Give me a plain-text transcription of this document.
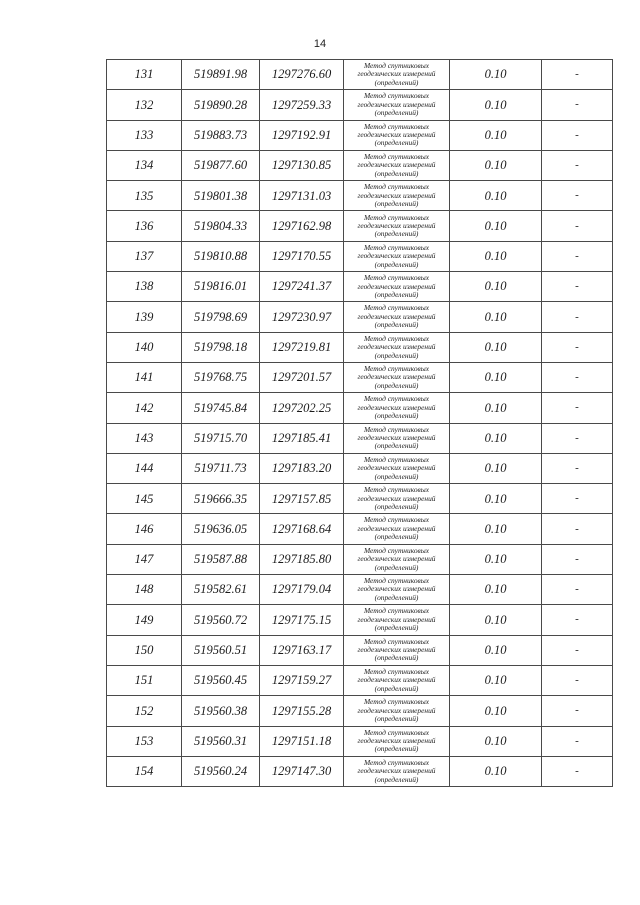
14
131	519891.98	1297276.60	Метод спутниковых
геодезических измерений
(определений)	0.10	-
132	519890.28	1297259.33	Метод спутниковых
геодезических измерений
(определений)	0.10	-
133	519883.73	1297192.91	Метод спутниковых
геодезических измерений
(определений)	0.10	-
134	519877.60	1297130.85	Метод спутниковых
геодезических измерений
(определений)	0.10	-
135	519801.38	1297131.03	Метод спутниковых
геодезических измерений
(определений)	0.10	-
136	519804.33	1297162.98	Метод спутниковых
геодезических измерений
(определений)	0.10	-
137	519810.88	1297170.55	Метод спутниковых
геодезических измерений
(определений)	0.10	-
138	519816.01	1297241.37	Метод спутниковых
геодезических измерений
(определений)	0.10	-
139	519798.69	1297230.97	Метод спутниковых
геодезических измерений
(определений)	0.10	-
140	519798.18	1297219.81	Метод спутниковых
геодезических измерений
(определений)	0.10	-
141	519768.75	1297201.57	Метод спутниковых
геодезических измерений
(определений)	0.10	-
142	519745.84	1297202.25	Метод спутниковых
геодезических измерений
(определений)	0.10	-
143	519715.70	1297185.41	Метод спутниковых
геодезических измерений
(определений)	0.10	-
144	519711.73	1297183.20	Метод спутниковых
геодезических измерений
(определений)	0.10	-
145	519666.35	1297157.85	Метод спутниковых
геодезических измерений
(определений)	0.10	-
146	519636.05	1297168.64	Метод спутниковых
геодезических измерений
(определений)	0.10	-
147	519587.88	1297185.80	Метод спутниковых
геодезических измерений
(определений)	0.10	-
148	519582.61	1297179.04	Метод спутниковых
геодезических измерений
(определений)	0.10	-
149	519560.72	1297175.15	Метод спутниковых
геодезических измерений
(определений)	0.10	-
150	519560.51	1297163.17	Метод спутниковых
геодезических измерений
(определений)	0.10	-
151	519560.45	1297159.27	Метод спутниковых
геодезических измерений
(определений)	0.10	-
152	519560.38	1297155.28	Метод спутниковых
геодезических измерений
(определений)	0.10	-
153	519560.31	1297151.18	Метод спутниковых
геодезических измерений
(определений)	0.10	-
154	519560.24	1297147.30	Метод спутниковых
геодезических измерений
(определений)	0.10	-
